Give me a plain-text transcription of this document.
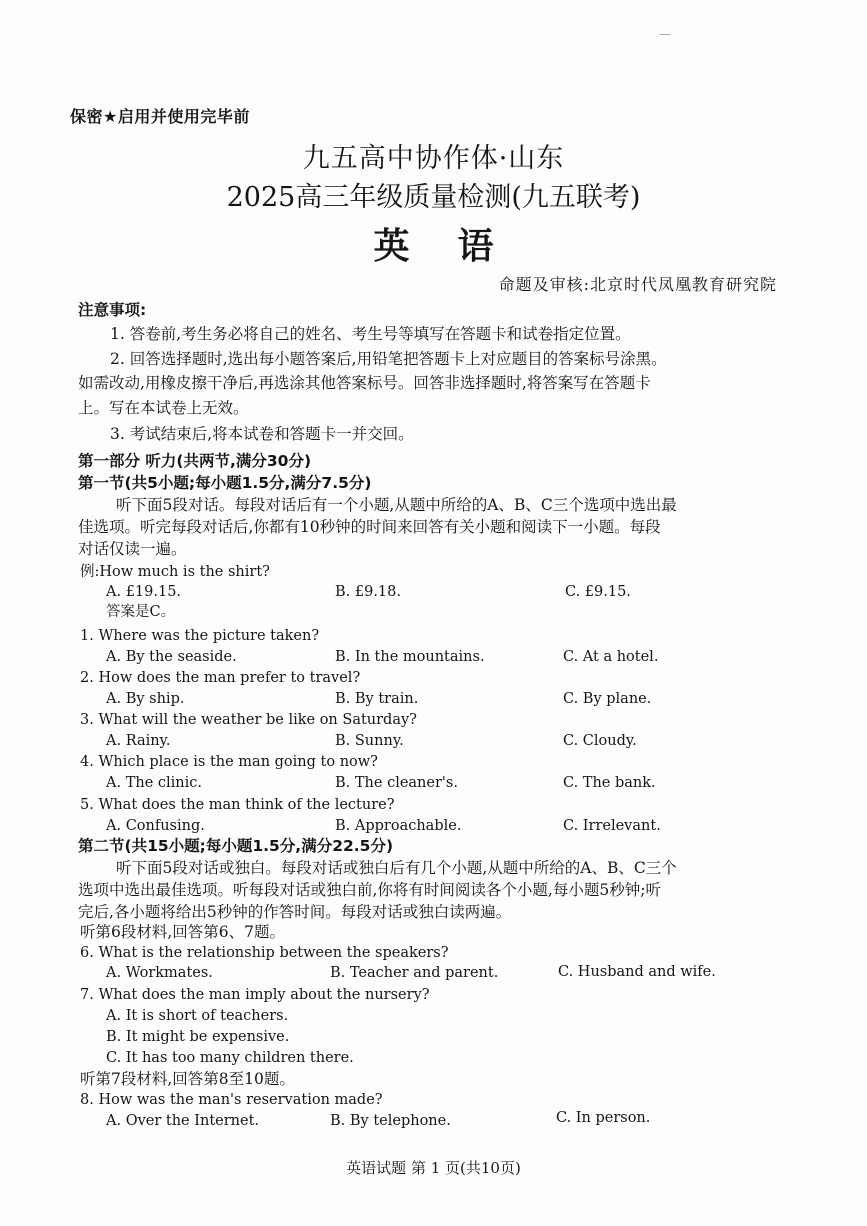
保密★启用并使用完毕前
九五高中协作体·山东
2025高三年级质量检测(九五联考)
英语
命题及审核:北京时代凤凰教育研究院
注意事项:
1. 答卷前,考生务必将自己的姓名、考生号等填写在答题卡和试卷指定位置。
2. 回答选择题时,选出每小题答案后,用铅笔把答题卡上对应题目的答案标号涂黑。
如需改动,用橡皮擦干净后,再选涂其他答案标号。回答非选择题时,将答案写在答题卡
上。写在本试卷上无效。
3. 考试结束后,将本试卷和答题卡一并交回。
第一部分 听力(共两节,满分30分)
第一节(共5小题;每小题1.5分,满分7.5分)
听下面5段对话。每段对话后有一个小题,从题中所给的A、B、C三个选项中选出最
佳选项。听完每段对话后,你都有10秒钟的时间来回答有关小题和阅读下一小题。每段
对话仅读一遍。
例:How much is the shirt?
A. £19.15.	B. £9.18.	C. £9.15.
答案是C。
1. Where was the picture taken?
A. By the seaside.	B. In the mountains.	C. At a hotel.
2. How does the man prefer to travel?
A. By ship.	B. By train.	C. By plane.
3. What will the weather be like on Saturday?
A. Rainy.	B. Sunny.	C. Cloudy.
4. Which place is the man going to now?
A. The clinic.	B. The cleaner's.	C. The bank.
5. What does the man think of the lecture?
A. Confusing.	B. Approachable.	C. Irrelevant.
第二节(共15小题;每小题1.5分,满分22.5分)
听下面5段对话或独白。每段对话或独白后有几个小题,从题中所给的A、B、C三个
选项中选出最佳选项。听每段对话或独白前,你将有时间阅读各个小题,每小题5秒钟;听
完后,各小题将给出5秒钟的作答时间。每段对话或独白读两遍。
听第6段材料,回答第6、7题。
6. What is the relationship between the speakers?
A. Workmates.	B. Teacher and parent.	C. Husband and wife.
7. What does the man imply about the nursery?
A. It is short of teachers.
B. It might be expensive.
C. It has too many children there.
听第7段材料,回答第8至10题。
8. How was the man's reservation made?
A. Over the Internet.	B. By telephone.	C. In person.
英语试题 第 1 页(共10页)
